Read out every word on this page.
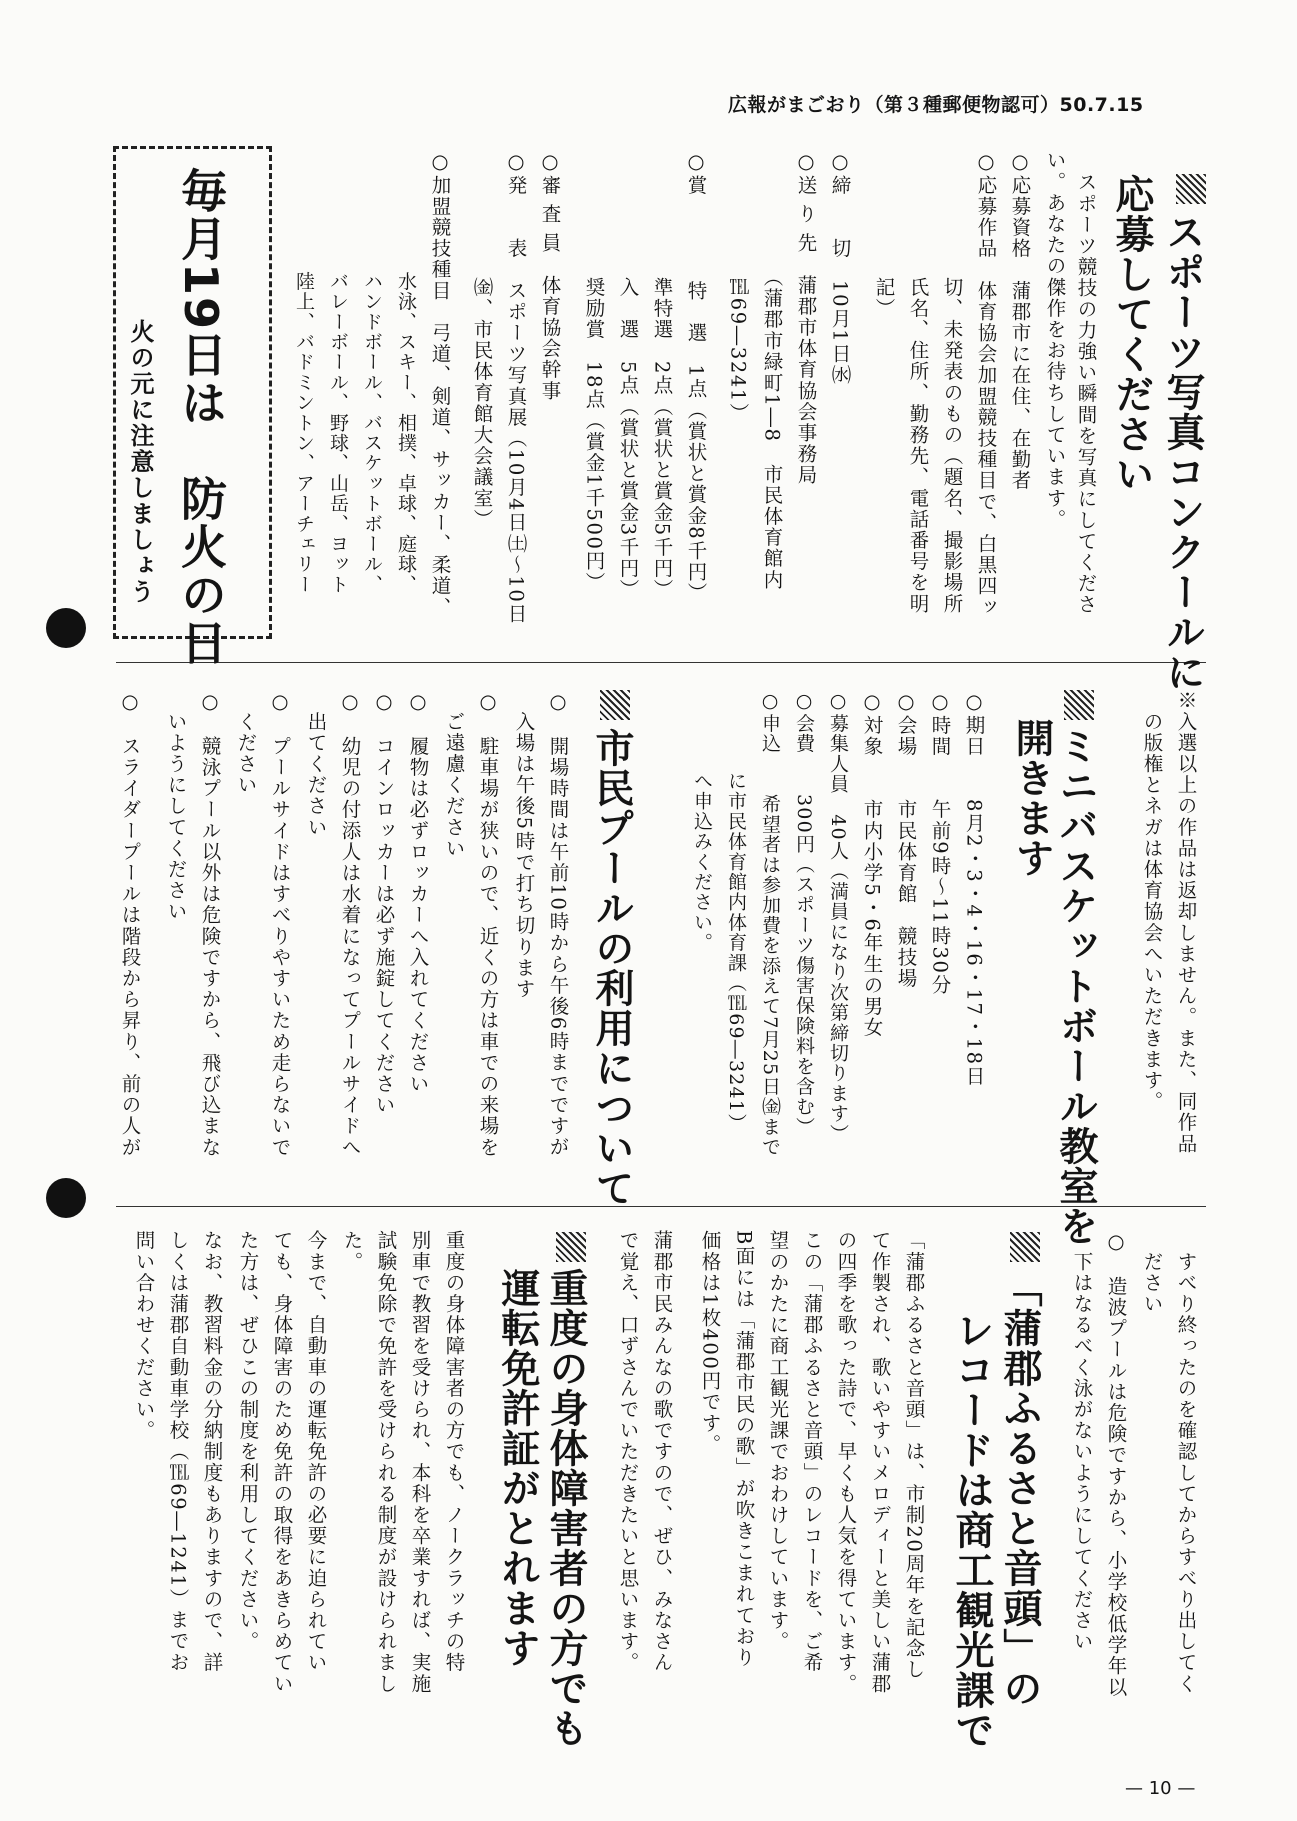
広報がまごおり（第３種郵便物認可）50.7.15
スポーツ写真コンクールに
応募してください
スポーツ競技の力強い瞬間を写真にしてくださ
い。あなたの傑作をお待ちしています。
○応募資格　蒲郡市に在住、在勤者
○応募作品　体育協会加盟競技種目で、白黒四ッ
　　　　　　切、未発表のもの（題名、撮影場所
　　　　　　氏名、住所、勤務先、電話番号を明
　　　　　　記）
○締　　切　10月1日㈬
○送 り 先　蒲郡市体育協会事務局
　　　　　　（蒲郡市緑町1―8　市民体育館内
　　　　　　℡69―3241）
○賞　　　　特　選　1点（賞状と賞金8千円）
　　　　　　準特選　2点（賞状と賞金5千円）
　　　　　　入　選　5点（賞状と賞金3千円）
　　　　　　奨励賞　18点（賞金1千500円）
○審 査 員　体育協会幹事
○発　　表　スポーツ写真展（10月4日㈯〜10日
　　　　　　㈮、市民体育館大会議室）
○加盟競技種目　弓道、剣道、サッカー、柔道、
　　　　　　水泳、スキー、相撲、卓球、庭球、
　　　　　　ハンドボール、バスケットボール、
　　　　　　バレーボール、野球、山岳、ヨット
　　　　　　陸上、バドミントン、アーチェリー
※入選以上の作品は返却しません。また、同作品
　の版権とネガは体育協会へいただきます。
毎月19日は　防火の日
火の元に注意しましょう
ミニバスケットボール教室を
開きます
○期日　　8月2・3・4・16・17・18日
○時間　　午前9時〜11時30分
○会場　　市民体育館　競技場
○対象　　市内小学5・6年生の男女
○募集人員　40人（満員になり次第締切ります）
○会費　　300円（スポーツ傷害保険料を含む）
○申込　　希望者は参加費を添えて7月25日㈮まで
　　　　に市民体育館内体育課（℡69―3241）
　　　　へ申込みください。
市民プールの利用について
○　開場時間は午前10時から午後6時までですが
　入場は午後5時で打ち切ります
○　駐車場が狭いので、近くの方は車での来場を
　ご遠慮ください
○　履物は必ずロッカーへ入れてください
○　コインロッカーは必ず施錠してください
○　幼児の付添人は水着になってプールサイドへ
　出てください
○　プールサイドはすべりやすいため走らないで
　ください
○　競泳プール以外は危険ですから、飛び込まな
　いようにしてください
○　スライダープールは階段から昇り、前の人が
　すべり終ったのを確認してからすべり出してく
　ださい
○　造波プールは危険ですから、小学校低学年以
　下はなるべく泳がないようにしてください
「蒲郡ふるさと音頭」の
レコードは商工観光課で
「蒲郡ふるさと音頭」は、市制20周年を記念し
て作製され、歌いやすいメロディーと美しい蒲郡
の四季を歌った詩で、早くも人気を得ています。
この「蒲郡ふるさと音頭」のレコードを、ご希
望のかたに商工観光課でおわけしています。
B面には「蒲郡市民の歌」が吹きこまれており
価格は1枚400円です。
蒲郡市民みんなの歌ですので、ぜひ、みなさん
で覚え、口ずさんでいただきたいと思います。
重度の身体障害者の方でも
運転免許証がとれます
重度の身体障害者の方でも、ノークラッチの特
別車で教習を受けられ、本科を卒業すれば、実施
試験免除で免許を受けられる制度が設けられまし
た。
今まで、自動車の運転免許の必要に迫られてい
ても、身体障害のため免許の取得をあきらめてい
た方は、ぜひこの制度を利用してください。
なお、教習料金の分納制度もありますので、詳
しくは蒲郡自動車学校（℡69―1241）までお
問い合わせください。
— 10 —
